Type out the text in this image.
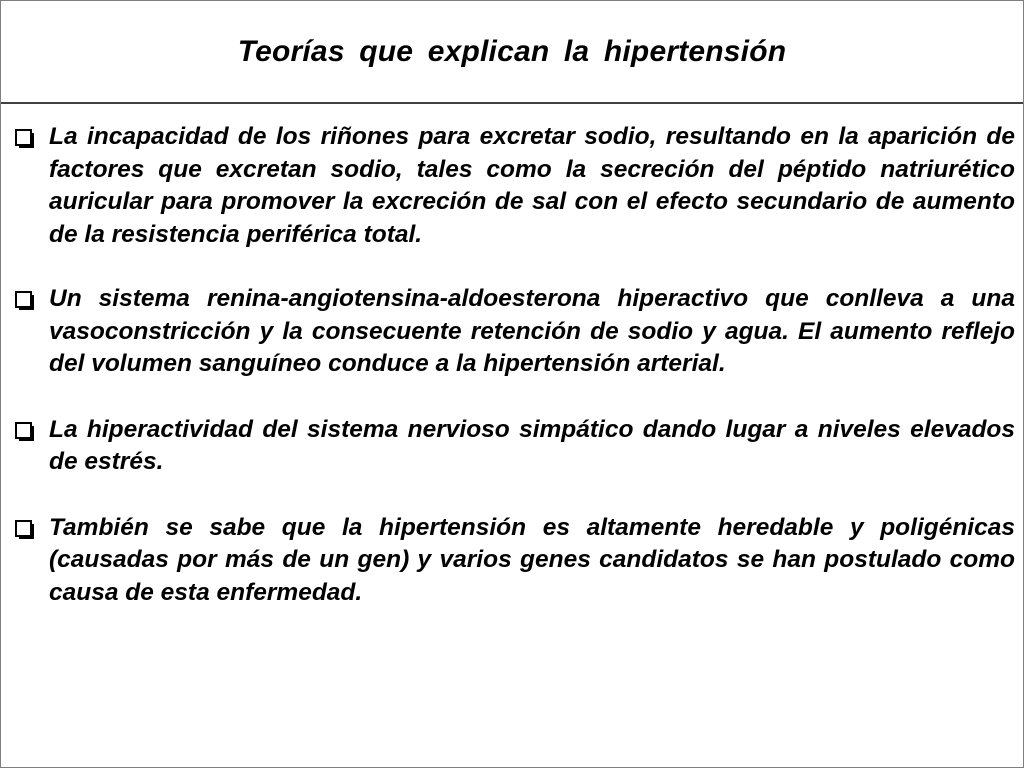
Teorías que explican la hipertensión
La incapacidad de los riñones para excretar sodio, resultando en la aparición de factores que excretan sodio, tales como la secreción del péptido natriurético auricular para promover la excreción de sal con el efecto secundario de aumento de la resistencia periférica total.
Un sistema renina-angiotensina-aldoesterona hiperactivo que conlleva a una vasoconstricción y la consecuente retención de sodio y agua. El aumento reflejo del volumen sanguíneo conduce a la hipertensión arterial.
La hiperactividad del sistema nervioso simpático dando lugar a niveles elevados de estrés.
También se sabe que la hipertensión es altamente heredable y poligénicas (causadas por más de un gen) y varios genes candidatos se han postulado como causa de esta enfermedad.
